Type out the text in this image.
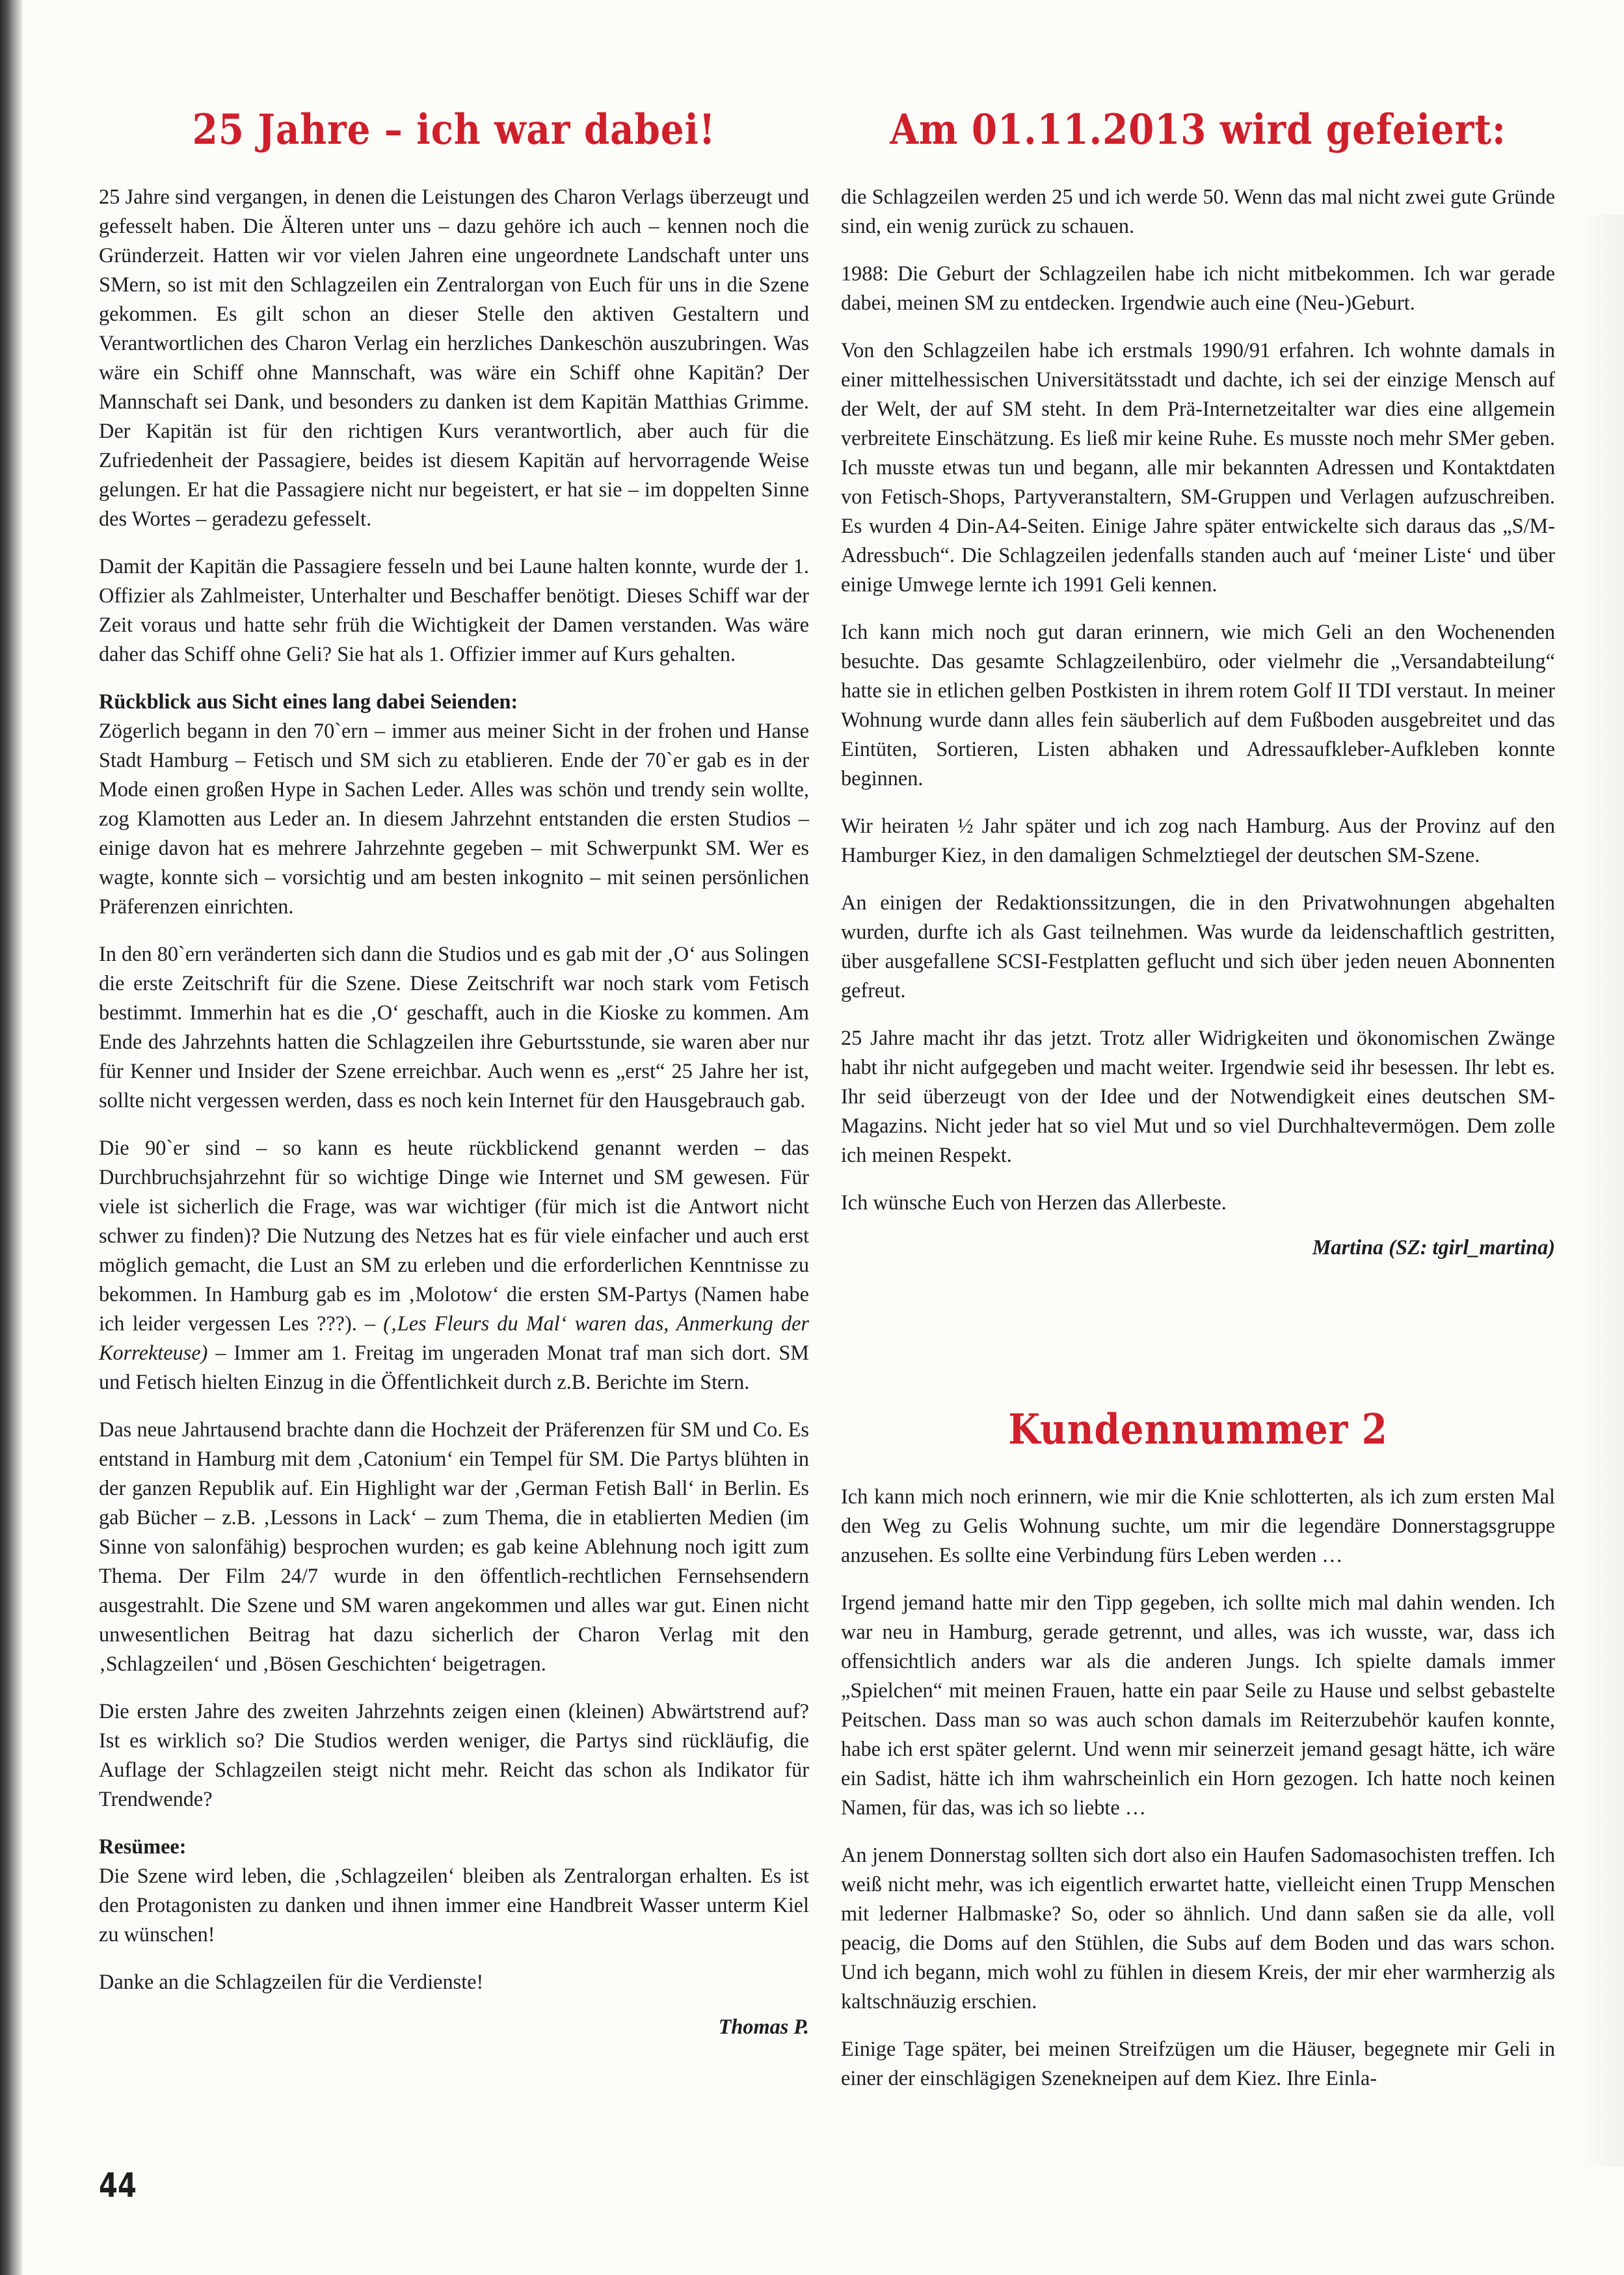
25 Jahre – ich war dabei!

25 Jahre sind vergangen, in denen die Leistungen des Charon Verlags überzeugt und gefesselt haben. Die Älteren unter uns – dazu gehöre ich auch – kennen noch die Gründerzeit. Hatten wir vor vielen Jahren eine ungeordnete Landschaft unter uns SMern, so ist mit den Schlagzeilen ein Zentralorgan von Euch für uns in die Szene gekommen. Es gilt schon an dieser Stelle den aktiven Gestaltern und Verantwortlichen des Charon Verlag ein herzliches Dankeschön auszubringen. Was wäre ein Schiff ohne Mannschaft, was wäre ein Schiff ohne Kapitän? Der Mannschaft sei Dank, und besonders zu danken ist dem Kapitän Matthias Grimme. Der Kapitän ist für den richtigen Kurs verantwortlich, aber auch für die Zufriedenheit der Passagiere, beides ist diesem Kapitän auf hervorragende Weise gelungen. Er hat die Passagiere nicht nur begeistert, er hat sie – im doppelten Sinne des Wortes – geradezu gefesselt.

Damit der Kapitän die Passagiere fesseln und bei Laune halten konnte, wurde der 1. Offizier als Zahlmeister, Unterhalter und Beschaffer benötigt. Dieses Schiff war der Zeit voraus und hatte sehr früh die Wichtigkeit der Damen verstanden. Was wäre daher das Schiff ohne Geli? Sie hat als 1. Offizier immer auf Kurs gehalten.

Rückblick aus Sicht eines lang dabei Seienden:

Zögerlich begann in den 70`ern – immer aus meiner Sicht in der frohen und Hanse Stadt Hamburg – Fetisch und SM sich zu etablieren. Ende der 70`er gab es in der Mode einen großen Hype in Sachen Leder. Alles was schön und trendy sein wollte, zog Klamotten aus Leder an. In diesem Jahrzehnt entstanden die ersten Studios – einige davon hat es mehrere Jahrzehnte gegeben – mit Schwerpunkt SM. Wer es wagte, konnte sich – vorsichtig und am besten inkognito – mit seinen persönlichen Präferenzen einrichten.

In den 80`ern veränderten sich dann die Studios und es gab mit der ‚O‘ aus Solingen die erste Zeitschrift für die Szene. Diese Zeitschrift war noch stark vom Fetisch bestimmt. Immerhin hat es die ‚O‘ geschafft, auch in die Kioske zu kommen. Am Ende des Jahrzehnts hatten die Schlagzeilen ihre Geburtsstunde, sie waren aber nur für Kenner und Insider der Szene erreichbar. Auch wenn es „erst“ 25 Jahre her ist, sollte nicht vergessen werden, dass es noch kein Internet für den Hausgebrauch gab.

Die 90`er sind – so kann es heute rückblickend genannt werden – das Durchbruchsjahrzehnt für so wichtige Dinge wie Internet und SM gewesen. Für viele ist sicherlich die Frage, was war wichtiger (für mich ist die Antwort nicht schwer zu finden)? Die Nutzung des Netzes hat es für viele einfacher und auch erst möglich gemacht, die Lust an SM zu erleben und die erforderlichen Kenntnisse zu bekommen. In Hamburg gab es im ‚Molotow‘ die ersten SM-Partys (Namen habe ich leider vergessen Les ???). – (‚Les Fleurs du Mal‘ waren das, Anmerkung der Korrekteuse) – Immer am 1. Freitag im ungeraden Monat traf man sich dort. SM und Fetisch hielten Einzug in die Öffentlichkeit durch z.B. Berichte im Stern.

Das neue Jahrtausend brachte dann die Hochzeit der Präferenzen für SM und Co. Es entstand in Hamburg mit dem ‚Catonium‘ ein Tempel für SM. Die Partys blühten in der ganzen Republik auf. Ein Highlight war der ‚German Fetish Ball‘ in Berlin. Es gab Bücher – z.B. ‚Lessons in Lack‘ – zum Thema, die in etablierten Medien (im Sinne von salonfähig) besprochen wurden; es gab keine Ablehnung noch igitt zum Thema. Der Film 24/7 wurde in den öffentlich-rechtlichen Fernsehsendern ausgestrahlt. Die Szene und SM waren angekommen und alles war gut. Einen nicht unwesentlichen Beitrag hat dazu sicherlich der Charon Verlag mit den ‚Schlagzeilen‘ und ‚Bösen Geschichten‘ beigetragen.

Die ersten Jahre des zweiten Jahrzehnts zeigen einen (kleinen) Abwärtstrend auf? Ist es wirklich so? Die Studios werden weniger, die Partys sind rückläufig, die Auflage der Schlagzeilen steigt nicht mehr. Reicht das schon als Indikator für Trendwende?

Resümee:

Die Szene wird leben, die ‚Schlagzeilen‘ bleiben als Zentralorgan erhalten. Es ist den Protagonisten zu danken und ihnen immer eine Handbreit Wasser unterm Kiel zu wünschen!

Danke an die Schlagzeilen für die Verdienste!

Thomas P.

Am 01.11.2013 wird gefeiert:

die Schlagzeilen werden 25 und ich werde 50. Wenn das mal nicht zwei gute Gründe sind, ein wenig zurück zu schauen.

1988: Die Geburt der Schlagzeilen habe ich nicht mitbekommen. Ich war gerade dabei, meinen SM zu entdecken. Irgendwie auch eine (Neu-)Geburt.

Von den Schlagzeilen habe ich erstmals 1990/91 erfahren. Ich wohnte damals in einer mittelhessischen Universitätsstadt und dachte, ich sei der einzige Mensch auf der Welt, der auf SM steht. In dem Prä-Internetzeitalter war dies eine allgemein verbreitete Einschätzung. Es ließ mir keine Ruhe. Es musste noch mehr SMer geben. Ich musste etwas tun und begann, alle mir bekannten Adressen und Kontaktdaten von Fetisch-Shops, Partyveranstaltern, SM-Gruppen und Verlagen aufzuschreiben. Es wurden 4 Din-A4-Seiten. Einige Jahre später entwickelte sich daraus das „S/M-Adressbuch“. Die Schlagzeilen jedenfalls standen auch auf ‘meiner Liste‘ und über einige Umwege lernte ich 1991 Geli kennen.

Ich kann mich noch gut daran erinnern, wie mich Geli an den Wochenenden besuchte. Das gesamte Schlagzeilenbüro, oder vielmehr die „Versandabteilung“ hatte sie in etlichen gelben Postkisten in ihrem rotem Golf II TDI verstaut. In meiner Wohnung wurde dann alles fein säuberlich auf dem Fußboden ausgebreitet und das Eintüten, Sortieren, Listen abhaken und Adressaufkleber-Aufkleben konnte beginnen.

Wir heiraten ½ Jahr später und ich zog nach Hamburg. Aus der Provinz auf den Hamburger Kiez, in den damaligen Schmelztiegel der deutschen SM-Szene.

An einigen der Redaktionssitzungen, die in den Privatwohnungen abgehalten wurden, durfte ich als Gast teilnehmen. Was wurde da leidenschaftlich gestritten, über ausgefallene SCSI-Festplatten geflucht und sich über jeden neuen Abonnenten gefreut.

25 Jahre macht ihr das jetzt. Trotz aller Widrigkeiten und ökonomischen Zwänge habt ihr nicht aufgegeben und macht weiter. Irgendwie seid ihr besessen. Ihr lebt es. Ihr seid überzeugt von der Idee und der Notwendigkeit eines deutschen SM-Magazins. Nicht jeder hat so viel Mut und so viel Durchhaltevermögen. Dem zolle ich meinen Respekt.

Ich wünsche Euch von Herzen das Allerbeste.

Martina (SZ: tgirl_martina)

Kundennummer 2

Ich kann mich noch erinnern, wie mir die Knie schlotterten, als ich zum ersten Mal den Weg zu Gelis Wohnung suchte, um mir die legendäre Donnerstagsgruppe anzusehen. Es sollte eine Verbindung fürs Leben werden …

Irgend jemand hatte mir den Tipp gegeben, ich sollte mich mal dahin wenden. Ich war neu in Hamburg, gerade getrennt, und alles, was ich wusste, war, dass ich offensichtlich anders war als die anderen Jungs. Ich spielte damals immer „Spielchen“ mit meinen Frauen, hatte ein paar Seile zu Hause und selbst gebastelte Peitschen. Dass man so was auch schon damals im Reiterzubehör kaufen konnte, habe ich erst später gelernt. Und wenn mir seinerzeit jemand gesagt hätte, ich wäre ein Sadist, hätte ich ihm wahrscheinlich ein Horn gezogen. Ich hatte noch keinen Namen, für das, was ich so liebte …

An jenem Donnerstag sollten sich dort also ein Haufen Sadomasochisten treffen. Ich weiß nicht mehr, was ich eigentlich erwartet hatte, vielleicht einen Trupp Menschen mit lederner Halbmaske? So, oder so ähnlich. Und dann saßen sie da alle, voll peacig, die Doms auf den Stühlen, die Subs auf dem Boden und das wars schon. Und ich begann, mich wohl zu fühlen in diesem Kreis, der mir eher warmherzig als kaltschnäuzig erschien.

Einige Tage später, bei meinen Streifzügen um die Häuser, begegnete mir Geli in einer der einschlägigen Szenekneipen auf dem Kiez. Ihre Einla-

44
